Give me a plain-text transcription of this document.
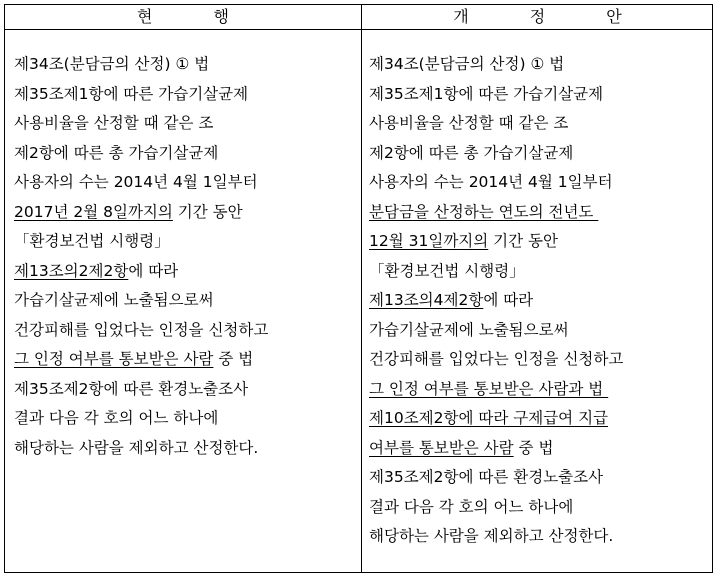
현 행	개 정 안
제34조(분담금의 산정) ① 법
제35조제1항에 따른 가습기살균제
사용비율을 산정할 때 같은 조
제2항에 따른 총 가습기살균제
사용자의 수는 2014년 4월 1일부터
2017년 2월 8일까지의 기간 동안
「환경보건법 시행령」
제13조의2제2항에 따라
가습기살균제에 노출됨으로써
건강피해를 입었다는 인정을 신청하고
그 인정 여부를 통보받은 사람 중 법
제35조제2항에 따른 환경노출조사
결과 다음 각 호의 어느 하나에
해당하는 사람을 제외하고 산정한다.
제34조(분담금의 산정) ① 법
제35조제1항에 따른 가습기살균제
사용비율을 산정할 때 같은 조
제2항에 따른 총 가습기살균제
사용자의 수는 2014년 4월 1일부터
분담금을 산정하는 연도의 전년도
12월 31일까지의 기간 동안
「환경보건법 시행령」
제13조의4제2항에 따라
가습기살균제에 노출됨으로써
건강피해를 입었다는 인정을 신청하고
그 인정 여부를 통보받은 사람과 법
제10조제2항에 따라 구제급여 지급
여부를 통보받은 사람 중 법
제35조제2항에 따른 환경노출조사
결과 다음 각 호의 어느 하나에
해당하는 사람을 제외하고 산정한다.
